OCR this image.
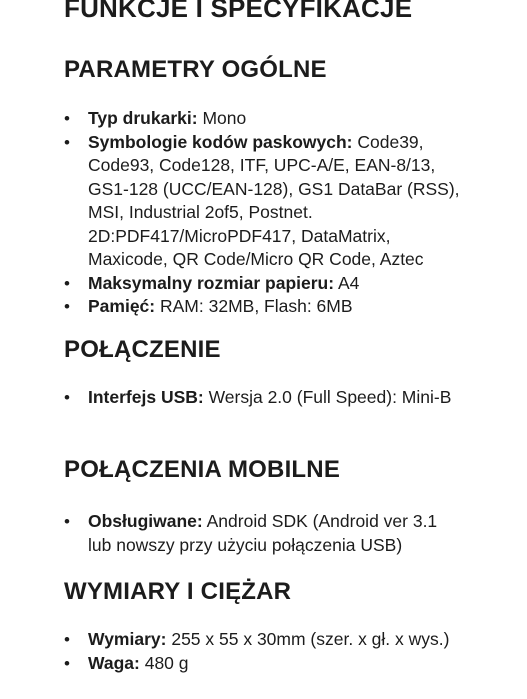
FUNKCJE I SPECYFIKACJE
PARAMETRY OGÓLNE
• Typ drukarki: Mono
• Symbologie kodów paskowych: Code39, Code93, Code128, ITF, UPC-A/E, EAN-8/13, GS1-128 (UCC/EAN-128), GS1 DataBar (RSS), MSI, Industrial 2of5, Postnet. 2D:PDF417/MicroPDF417, DataMatrix, Maxicode, QR Code/Micro QR Code, Aztec
• Maksymalny rozmiar papieru: A4
• Pamięć: RAM: 32MB, Flash: 6MB
POŁĄCZENIE
• Interfejs USB: Wersja 2.0 (Full Speed): Mini-B
POŁĄCZENIA MOBILNE
• Obsługiwane: Android SDK (Android ver 3.1 lub nowszy przy użyciu połączenia USB)
WYMIARY I CIĘŻAR
• Wymiary: 255 x 55 x 30mm (szer. x gł. x wys.)
• Waga: 480 g
